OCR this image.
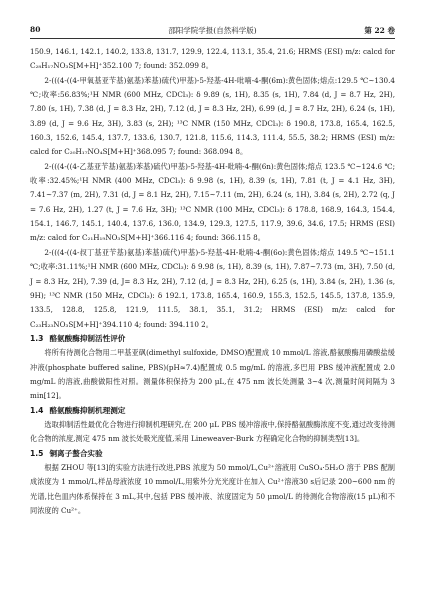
80	邵阳学院学报(自然科学版)	第 22 卷

150.9, 146.1, 142.1, 140.2, 133.8, 131.7, 129.9, 122.4, 113.1, 35.4, 21.6; HRMS (ESI) m/z: calcd for C₂₈H₁₇NO₃S[M+H]⁺352.100 7; found: 352.099 8。

2-(((4-((4-甲氧基亚苄基)氨基)苯基)硫代)甲基)-5-羟基-4H-吡喃-4-酮(6m):黄色固体;熔点:129.5 ℃~130.4 ℃;收率:56.83%;¹H NMR (600 MHz, CDCl₃): δ 9.89 (s, 1H), 8.35 (s, 1H), 7.84 (d, J = 8.7 Hz, 2H), 7.80 (s, 1H), 7.38 (d, J = 8.3 Hz, 2H), 7.12 (d, J = 8.3 Hz, 2H), 6.99 (d, J = 8.7 Hz, 2H), 6.24 (s, 1H), 3.89 (d, J = 9.6 Hz, 3H), 3.83 (s, 2H); ¹³C NMR (150 MHz, CDCl₃): δ 190.8, 173.8, 165.4, 162.5, 160.3, 152.6, 145.4, 137.7, 133.6, 130.7, 121.8, 115.6, 114.3, 111.4, 55.5, 38.2; HRMS (ESI) m/z: calcd for C₂₀H₁₇NO₄S[M+H]⁺368.095 7; found: 368.094 8。

2-(((4-((4-乙基亚苄基)氨基)苯基)硫代)甲基)-5-羟基-4H-吡喃-4-酮(6n):黄色固体;熔点 123.5 ℃~124.6 ℃;收率:32.45%;¹H NMR (400 MHz, CDCl₃): δ 9.98 (s, 1H), 8.39 (s, 1H), 7.81 (t, J = 4.1 Hz, 3H), 7.41~7.37 (m, 2H), 7.31 (d, J = 8.1 Hz, 2H), 7.15~7.11 (m, 2H), 6.24 (s, 1H), 3.84 (s, 2H), 2.72 (q, J = 7.6 Hz, 2H), 1.27 (t, J = 7.6 Hz, 3H); ¹³C NMR (100 MHz, CDCl₃): δ 178.8, 168.9, 164.3, 154.4, 154.1, 146.7, 145.1, 140.4, 137.6, 136.0, 134.9, 129.3, 127.5, 117.9, 39.6, 34.6, 17.5; HRMS (ESI) m/z: calcd for C₂₁H₁₉NO₃S[M+H]⁺366.116 4; found: 366.115 8。

2-(((4-((4-叔丁基亚苄基)氨基)苯基)硫代)甲基)-5-羟基-4H-吡喃-4-酮(6o):黄色固体;熔点 149.5 ℃~151.1 ℃;收率:31.11%;¹H NMR (600 MHz, CDCl₃): δ 9.98 (s, 1H), 8.39 (s, 1H), 7.87~7.73 (m, 3H), 7.50 (d, J = 8.3 Hz, 2H), 7.39 (d, J= 8.3 Hz, 2H), 7.12 (d, J = 8.3 Hz, 2H), 6.25 (s, 1H), 3.84 (s, 2H), 1.36 (s, 9H); ¹³C NMR (150 MHz, CDCl₃): δ 192.1, 173.8, 165.4, 160.9, 155.3, 152.5, 145.5, 137.8, 135.9, 133.5, 128.8, 125.8, 121.9, 111.5, 38.1, 35.1, 31.2; HRMS (ESI) m/z: calcd for C₂₃H₂₃NO₃S[M+H]⁺394.110 4; found: 394.110 2。

1.3 酪氨酸酶抑制活性评价

将所有待测化合物用二甲基亚砜(dimethyl sulfoxide, DMSO)配置成 10 mmol/L 溶液,酪氨酸酶用磷酸盐缓冲液(phosphate buffered saline, PBS)(pH≈7.4)配置成 0.5 mg/mL 的溶液,多巴用 PBS 缓冲液配置成 2.0 mg/mL 的溶液,曲酸做阳性对照。测量体积保持为 200 μL,在 475 nm 波长处测量 3~4 次,测量时间间隔为 3 min[12]。

1.4 酪氨酸酶抑制机理测定

选取抑制活性最优化合物进行抑制机理研究,在 200 μL PBS 缓冲溶液中,保持酪氨酸酶浓度不变,通过改变待测化合物的浓度,测定 475 nm 波长处吸光度值,采用 Lineweaver-Burk 方程确定化合物的抑制类型[13]。

1.5 铜离子螯合实验

根据 ZHOU 等[13]的实验方法进行改进,PBS 浓度为 50 mmol/L,Cu²⁺溶液用 CuSO₄·5H₂O 溶于 PBS 配制成浓度为 1 mmol/L,样品母液浓度 10 mmol/L,用紫外分光光度计在加入 Cu²⁺溶液30 s后记录 200~600 nm 的光谱,比色皿内体系保持在 3 mL,其中,包括 PBS 缓冲液、浓度固定为 50 μmol/L 的待测化合物溶液(15 μL)和不同浓度的 Cu²⁺。
